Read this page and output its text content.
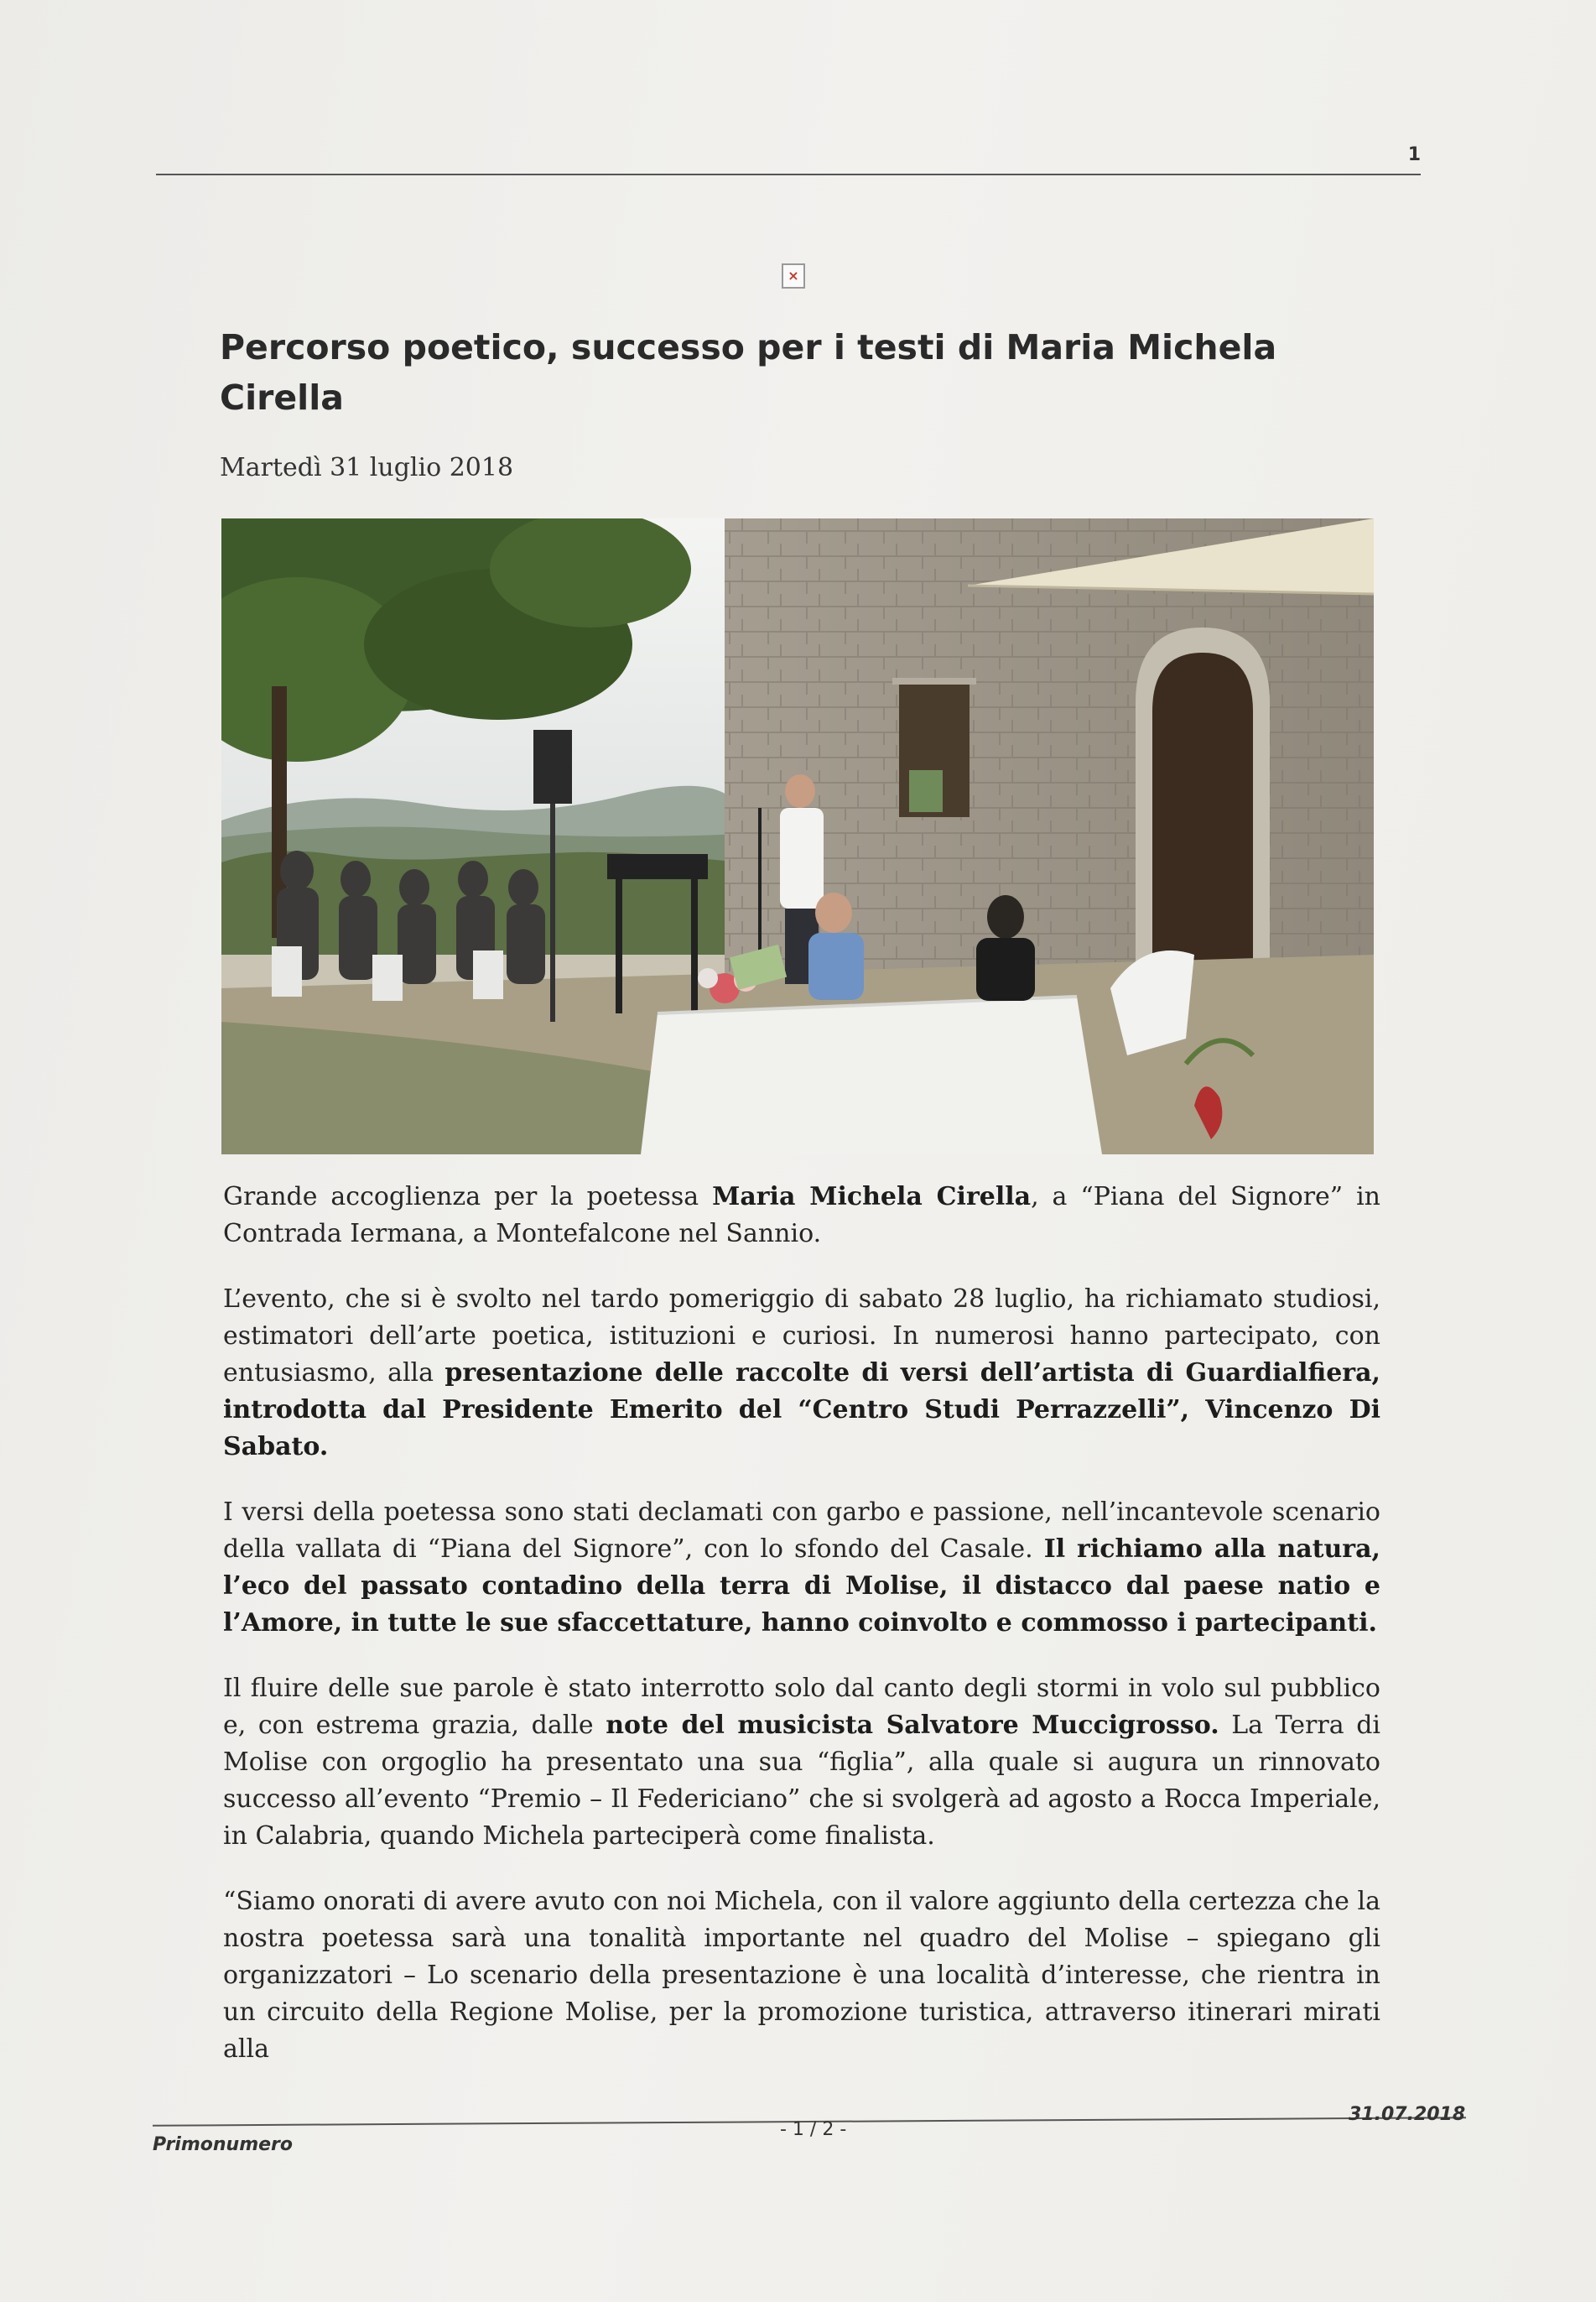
1
×
Percorso poetico, successo per i testi di Maria Michela Cirella
Martedì 31 luglio 2018

Grande accoglienza per la poetessa Maria Michela Cirella, a “Piana del Signore” in Contrada Iermana, a Montefalcone nel Sannio.

L’evento, che si è svolto nel tardo pomeriggio di sabato 28 luglio, ha richiamato studiosi, estimatori dell’arte poetica, istituzioni e curiosi. In numerosi hanno partecipato, con entusiasmo, alla presentazione delle raccolte di versi dell’artista di Guardialfiera, introdotta dal Presidente Emerito del “Centro Studi Perrazzelli”, Vincenzo Di Sabato.

I versi della poetessa sono stati declamati con garbo e passione, nell’incantevole scenario della vallata di “Piana del Signore”, con lo sfondo del Casale. Il richiamo alla natura, l’eco del passato contadino della terra di Molise, il distacco dal paese natio e l’Amore, in tutte le sue sfaccettature, hanno coinvolto e commosso i partecipanti.

Il fluire delle sue parole è stato interrotto solo dal canto degli stormi in volo sul pubblico e, con estrema grazia, dalle note del musicista Salvatore Muccigrosso. La Terra di Molise con orgoglio ha presentato una sua “figlia”, alla quale si augura un rinnovato successo all’evento “Premio – Il Federiciano” che si svolgerà ad agosto a Rocca Imperiale, in Calabria, quando Michela parteciperà come finalista.

“Siamo onorati di avere avuto con noi Michela, con il valore aggiunto della certezza che la nostra poetessa sarà una tonalità importante nel quadro del Molise – spiegano gli organizzatori – Lo scenario della presentazione è una località d’interesse, che rientra in un circuito della Regione Molise, per la promozione turistica, attraverso itinerari mirati alla

Primonumero
- 1 / 2 -
31.07.2018
